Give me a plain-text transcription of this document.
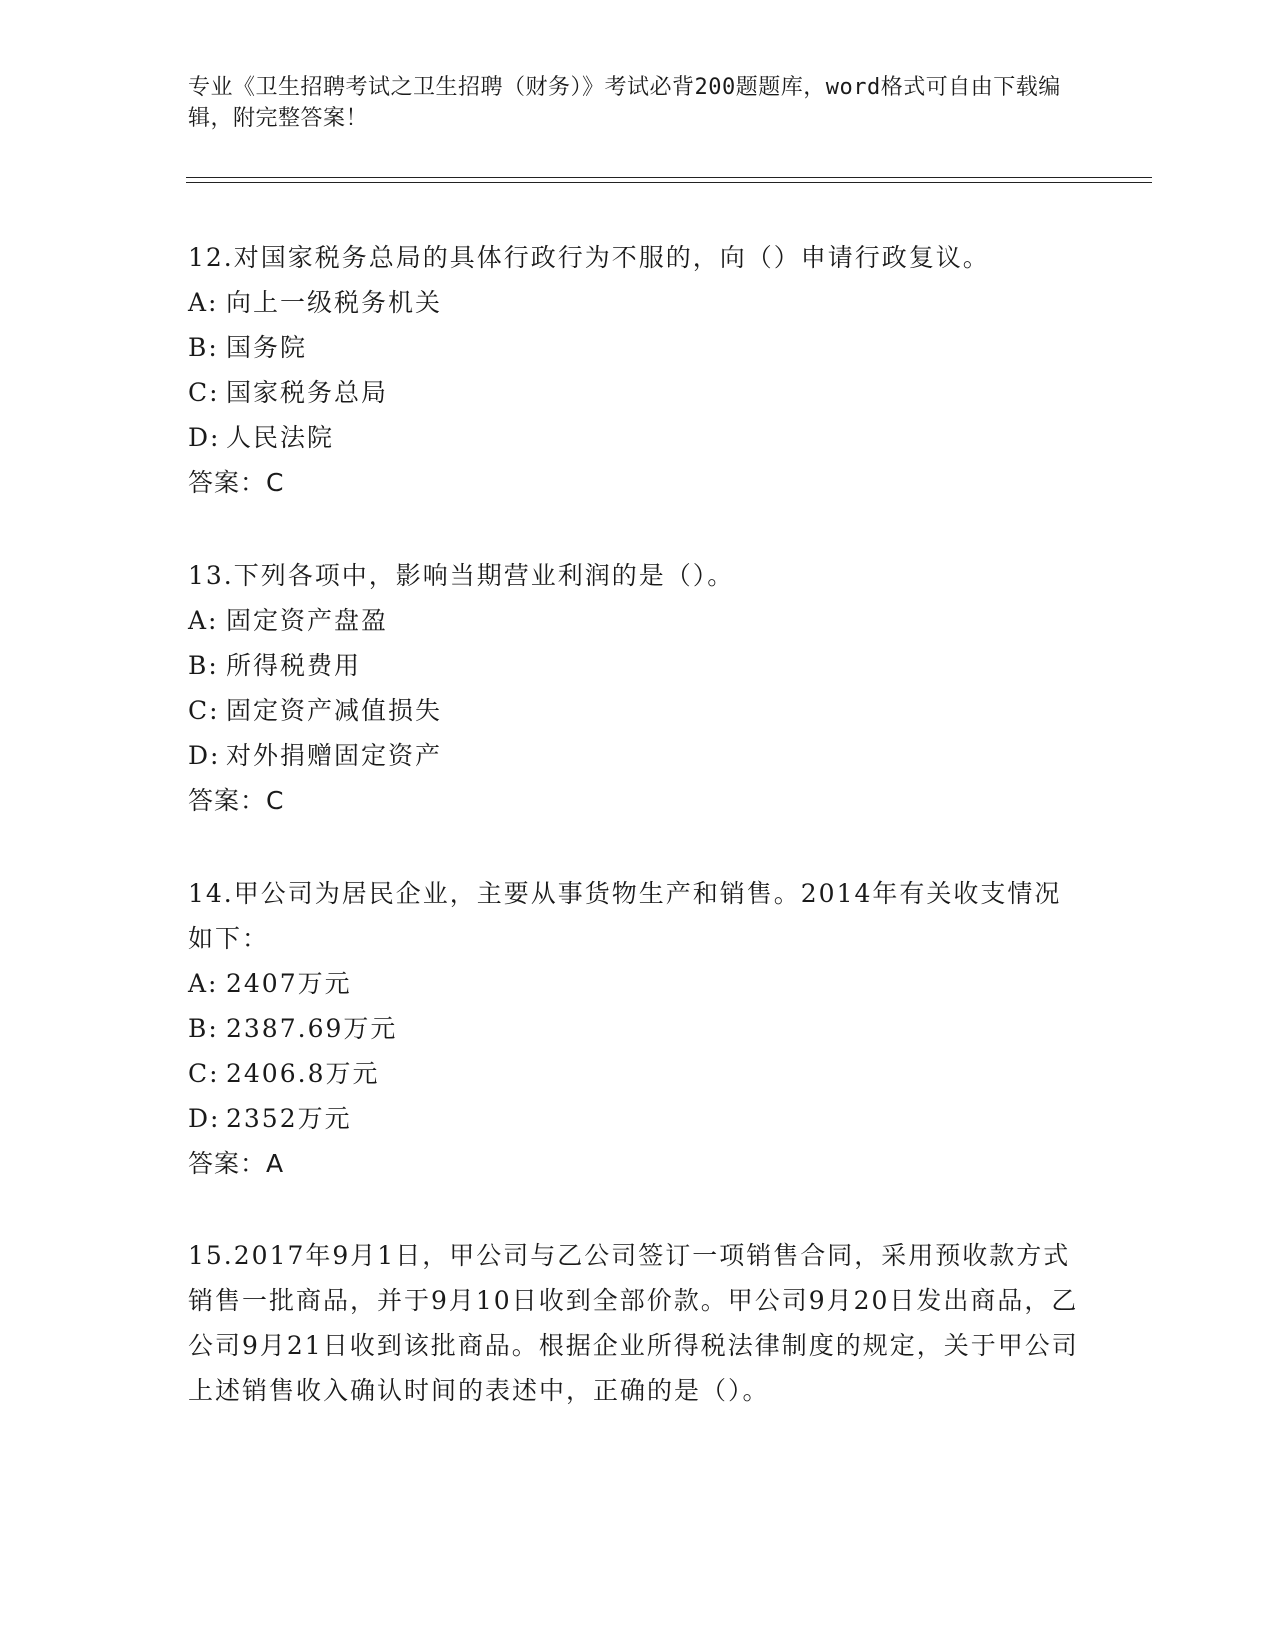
专业《卫生招聘考试之卫生招聘（财务）》考试必背200题题库，word格式可自由下载编辑，附完整答案！

12.对国家税务总局的具体行政行为不服的，向（）申请行政复议。

A: 向上一级税务机关
B: 国务院
C: 国家税务总局
D: 人民法院

答案：C

13.下列各项中，影响当期营业利润的是（）。

A: 固定资产盘盈
B: 所得税费用
C: 固定资产减值损失
D: 对外捐赠固定资产

答案：C

14.甲公司为居民企业，主要从事货物生产和销售。2014年有关收支情况如下：

A: 2407万元
B: 2387.69万元
C: 2406.8万元
D: 2352万元

答案：A

15.2017年9月1日，甲公司与乙公司签订一项销售合同，采用预收款方式销售一批商品，并于9月10日收到全部价款。甲公司9月20日发出商品，乙公司9月21日收到该批商品。根据企业所得税法律制度的规定，关于甲公司上述销售收入确认时间的表述中，正确的是（）。
